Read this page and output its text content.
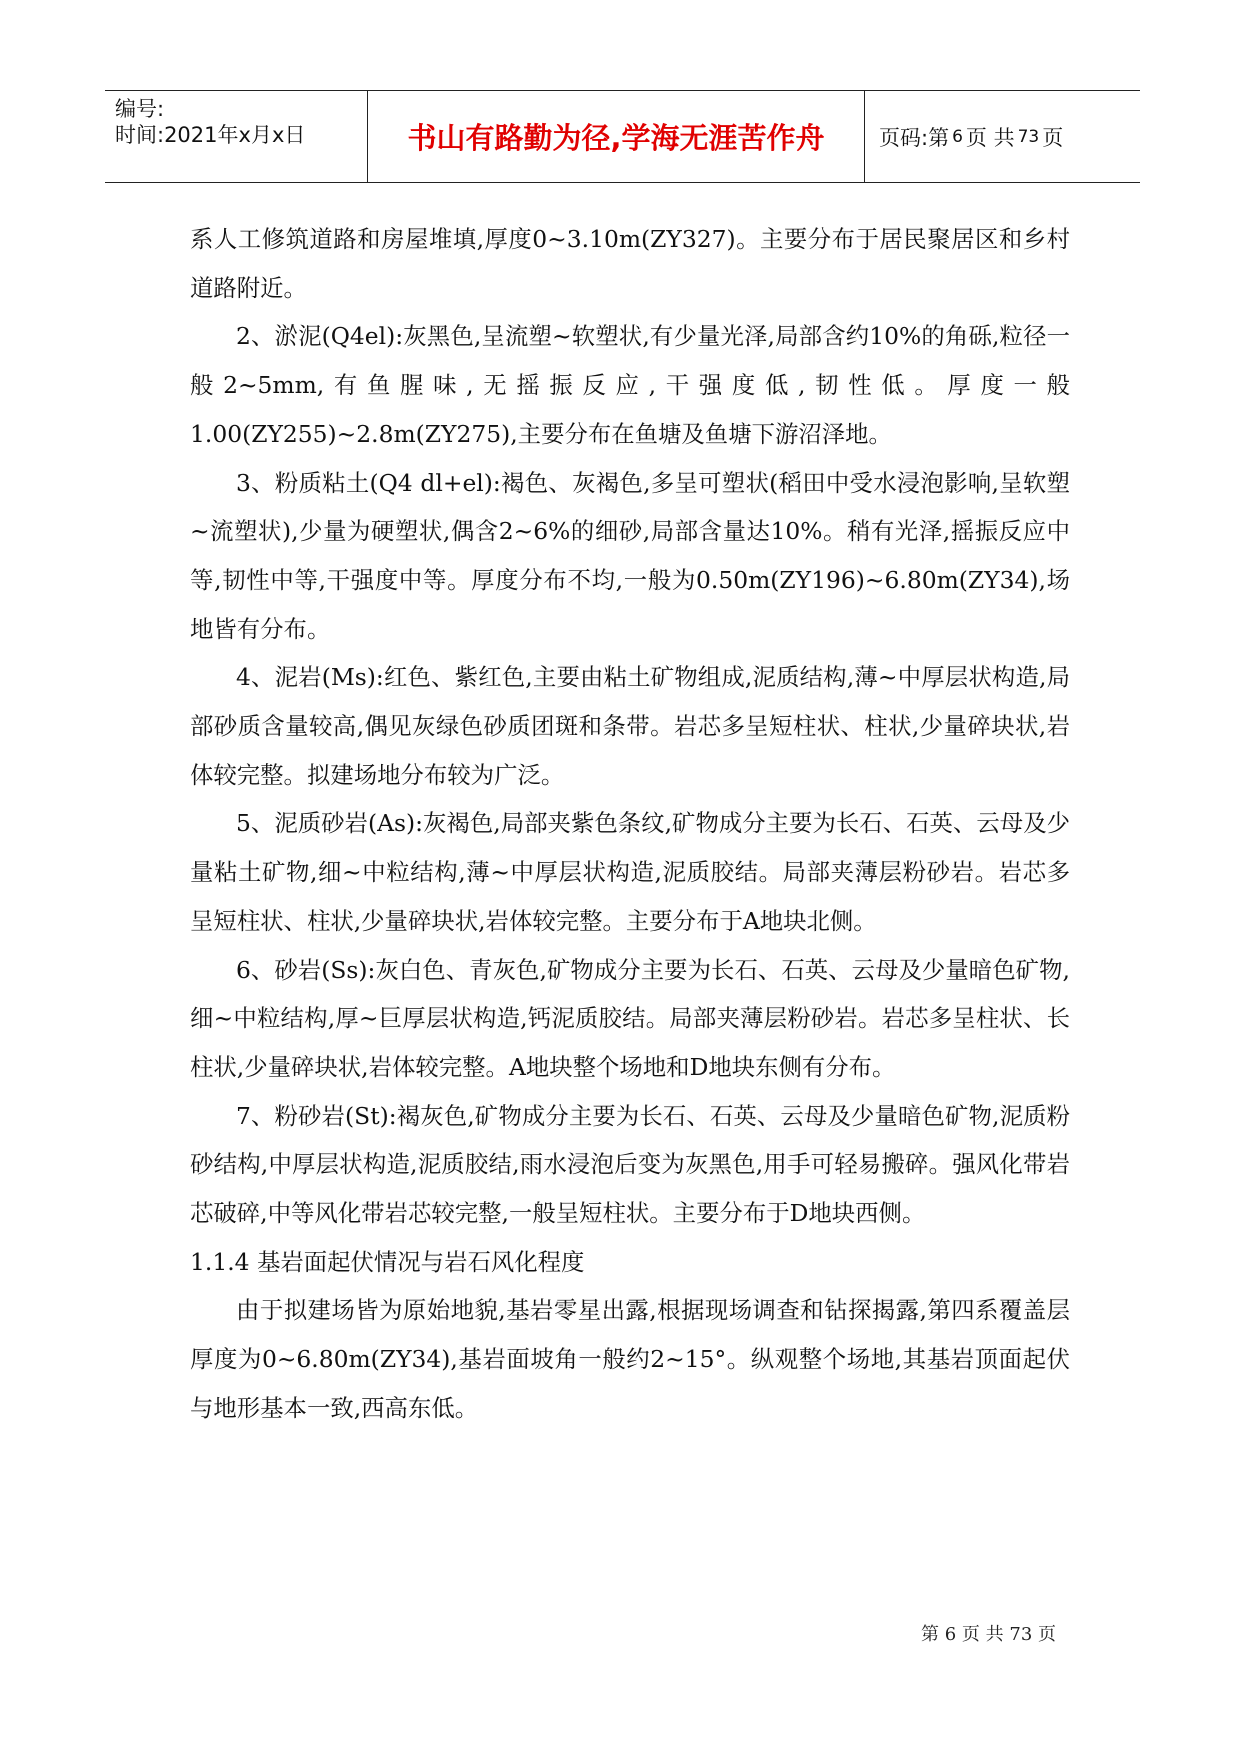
编号:
时间:2021年x月x日	书山有路勤为径,学海无涯苦作舟	页码:第 6 页 共 73 页

系人工修筑道路和房屋堆填,厚度0~3.10m(ZY327)。主要分布于居民聚居区和乡村道路附近。

2、淤泥(Q4el):灰黑色,呈流塑~软塑状,有少量光泽,局部含约10%的角砾,粒径一般2~5mm,有鱼腥味,无摇振反应,干强度低,韧性低。厚度一般1.00(ZY255)~2.8m(ZY275),主要分布在鱼塘及鱼塘下游沼泽地。

3、粉质粘土(Q4 dl+el):褐色、灰褐色,多呈可塑状(稻田中受水浸泡影响,呈软塑~流塑状),少量为硬塑状,偶含2~6%的细砂,局部含量达10%。稍有光泽,摇振反应中等,韧性中等,干强度中等。厚度分布不均,一般为0.50m(ZY196)~6.80m(ZY34),场地皆有分布。

4、泥岩(Ms):红色、紫红色,主要由粘土矿物组成,泥质结构,薄~中厚层状构造,局部砂质含量较高,偶见灰绿色砂质团斑和条带。岩芯多呈短柱状、柱状,少量碎块状,岩体较完整。拟建场地分布较为广泛。

5、泥质砂岩(As):灰褐色,局部夹紫色条纹,矿物成分主要为长石、石英、云母及少量粘土矿物,细~中粒结构,薄~中厚层状构造,泥质胶结。局部夹薄层粉砂岩。岩芯多呈短柱状、柱状,少量碎块状,岩体较完整。主要分布于A地块北侧。

6、砂岩(Ss):灰白色、青灰色,矿物成分主要为长石、石英、云母及少量暗色矿物,细~中粒结构,厚~巨厚层状构造,钙泥质胶结。局部夹薄层粉砂岩。岩芯多呈柱状、长柱状,少量碎块状,岩体较完整。A地块整个场地和D地块东侧有分布。

7、粉砂岩(St):褐灰色,矿物成分主要为长石、石英、云母及少量暗色矿物,泥质粉砂结构,中厚层状构造,泥质胶结,雨水浸泡后变为灰黑色,用手可轻易搬碎。强风化带岩芯破碎,中等风化带岩芯较完整,一般呈短柱状。主要分布于D地块西侧。

1.1.4 基岩面起伏情况与岩石风化程度

由于拟建场皆为原始地貌,基岩零星出露,根据现场调查和钻探揭露,第四系覆盖层厚度为0~6.80m(ZY34),基岩面坡角一般约2~15°。纵观整个场地,其基岩顶面起伏与地形基本一致,西高东低。

第 6 页 共 73 页
